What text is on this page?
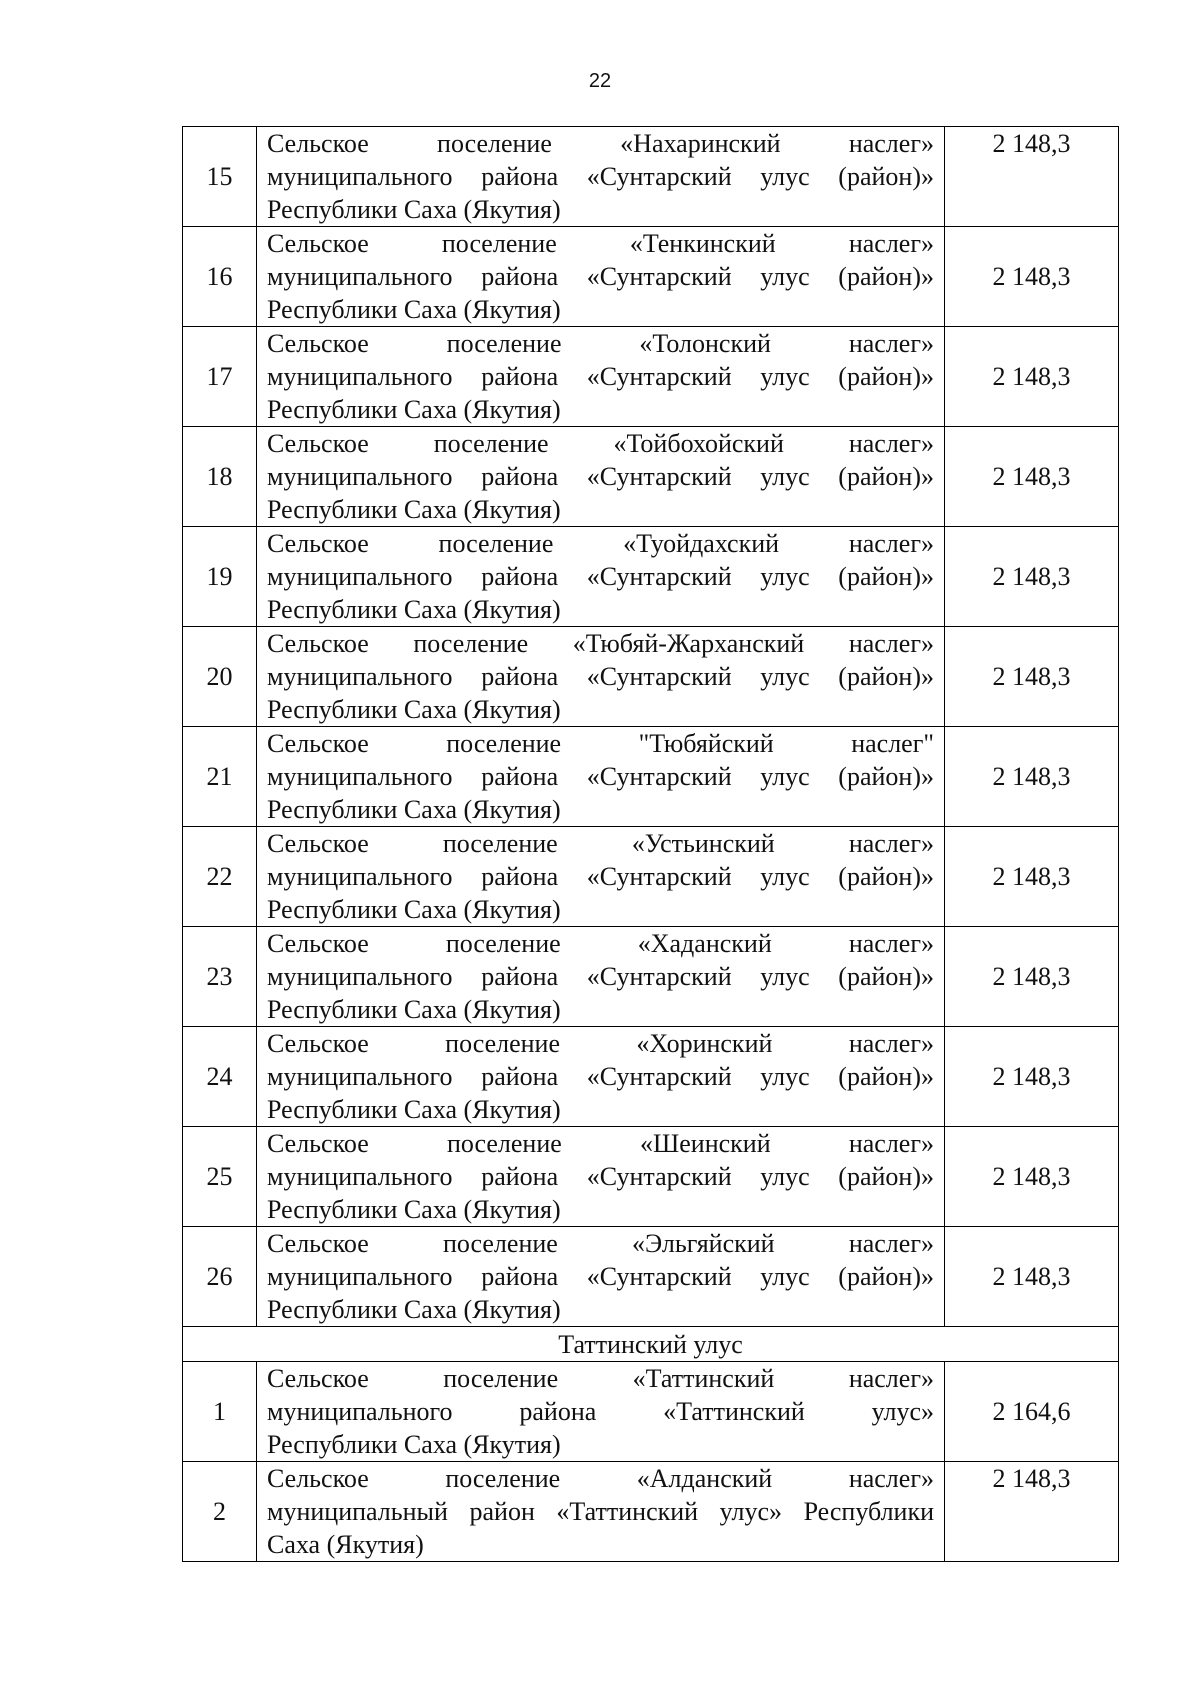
22
15	Сельское поселение «Нахаринский наслег»
муниципального района «Сунтарский улус (район)»
Республики Саха (Якутия)	2 148,3
16	Сельское поселение «Тенкинский наслег»
муниципального района «Сунтарский улус (район)»
Республики Саха (Якутия)	2 148,3
17	Сельское поселение «Толонский наслег»
муниципального района «Сунтарский улус (район)»
Республики Саха (Якутия)	2 148,3
18	Сельское поселение «Тойбохойский наслег»
муниципального района «Сунтарский улус (район)»
Республики Саха (Якутия)	2 148,3
19	Сельское поселение «Туойдахский наслег»
муниципального района «Сунтарский улус (район)»
Республики Саха (Якутия)	2 148,3
20	Сельское поселение «Тюбяй-Жарханский наслег»
муниципального района «Сунтарский улус (район)»
Республики Саха (Якутия)	2 148,3
21	Сельское поселение "Тюбяйский наслег"
муниципального района «Сунтарский улус (район)»
Республики Саха (Якутия)	2 148,3
22	Сельское поселение «Устьинский наслег»
муниципального района «Сунтарский улус (район)»
Республики Саха (Якутия)	2 148,3
23	Сельское поселение «Хаданский наслег»
муниципального района «Сунтарский улус (район)»
Республики Саха (Якутия)	2 148,3
24	Сельское поселение «Хоринский наслег»
муниципального района «Сунтарский улус (район)»
Республики Саха (Якутия)	2 148,3
25	Сельское поселение «Шеинский наслег»
муниципального района «Сунтарский улус (район)»
Республики Саха (Якутия)	2 148,3
26	Сельское поселение «Эльгяйский наслег»
муниципального района «Сунтарский улус (район)»
Республики Саха (Якутия)	2 148,3
Таттинский улус		
1	Сельское поселение «Таттинский наслег»
муниципального района «Таттинский улус»
Республики Саха (Якутия)	2 164,6
2	Сельское поселение «Алданский наслег»
муниципальный район «Таттинский улус» Республики
Саха (Якутия)	2 148,3
